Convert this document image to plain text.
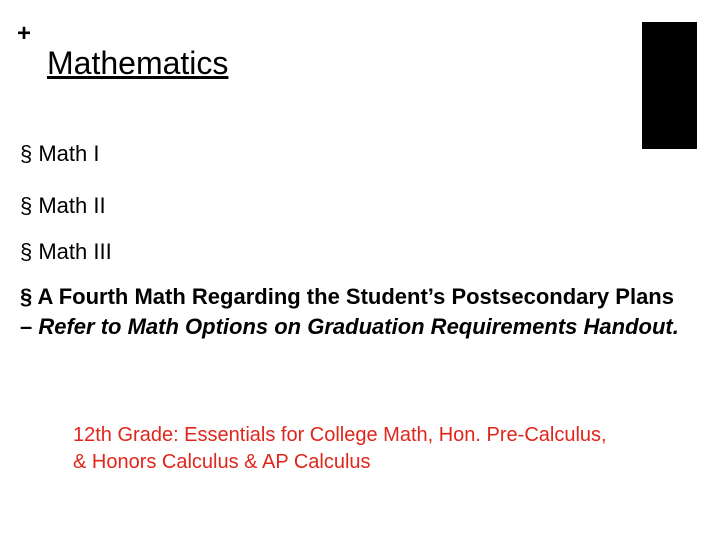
+
Mathematics
§ Math I
§ Math II
§ Math III
§ A Fourth Math Regarding the Student’s Postsecondary Plans – Refer to Math Options on Graduation Requirements Handout.
12th Grade: Essentials for College Math, Hon. Pre-Calculus, & Honors Calculus & AP Calculus
